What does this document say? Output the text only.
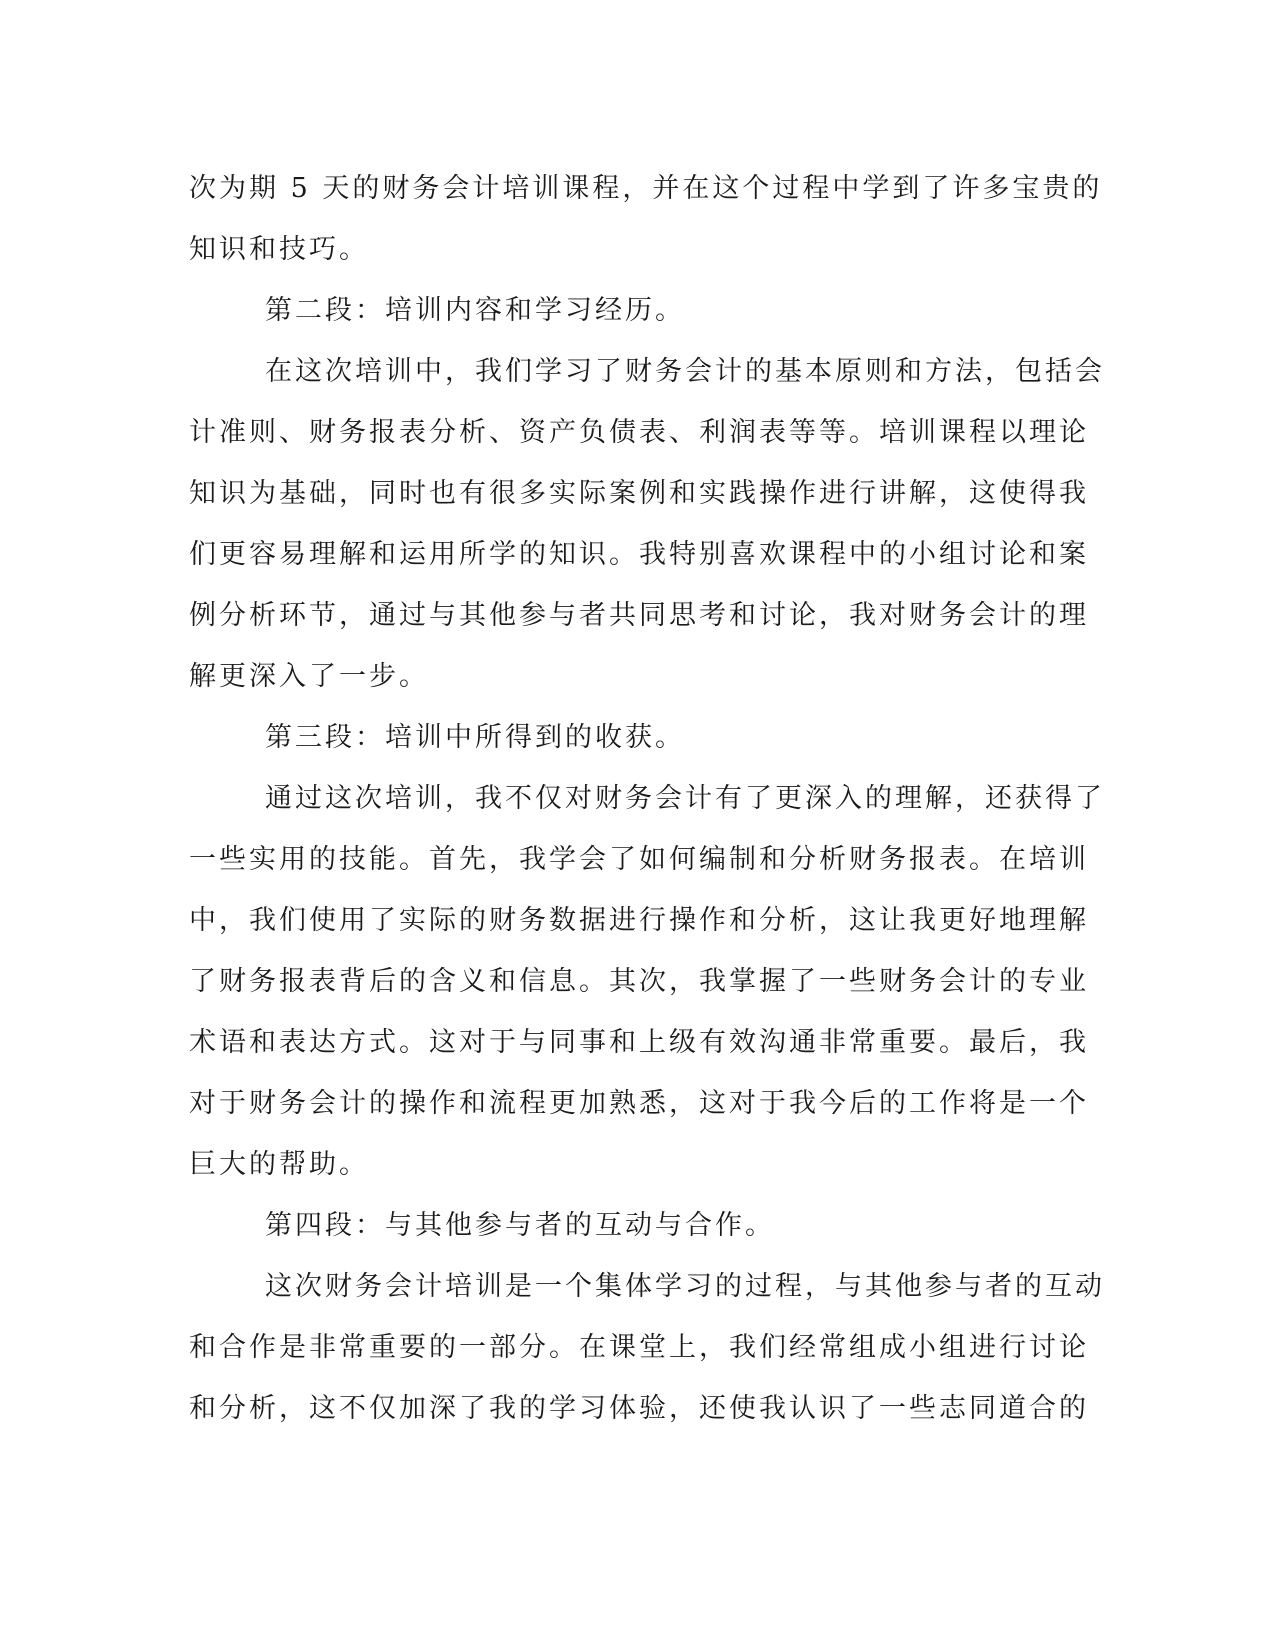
次为期 5 天的财务会计培训课程，并在这个过程中学到了许多宝贵的
知识和技巧。
第二段：培训内容和学习经历。
在这次培训中，我们学习了财务会计的基本原则和方法，包括会
计准则、财务报表分析、资产负债表、利润表等等。培训课程以理论
知识为基础，同时也有很多实际案例和实践操作进行讲解，这使得我
们更容易理解和运用所学的知识。我特别喜欢课程中的小组讨论和案
例分析环节，通过与其他参与者共同思考和讨论，我对财务会计的理
解更深入了一步。
第三段：培训中所得到的收获。
通过这次培训，我不仅对财务会计有了更深入的理解，还获得了
一些实用的技能。首先，我学会了如何编制和分析财务报表。在培训
中，我们使用了实际的财务数据进行操作和分析，这让我更好地理解
了财务报表背后的含义和信息。其次，我掌握了一些财务会计的专业
术语和表达方式。这对于与同事和上级有效沟通非常重要。最后，我
对于财务会计的操作和流程更加熟悉，这对于我今后的工作将是一个
巨大的帮助。
第四段：与其他参与者的互动与合作。
这次财务会计培训是一个集体学习的过程，与其他参与者的互动
和合作是非常重要的一部分。在课堂上，我们经常组成小组进行讨论
和分析，这不仅加深了我的学习体验，还使我认识了一些志同道合的
